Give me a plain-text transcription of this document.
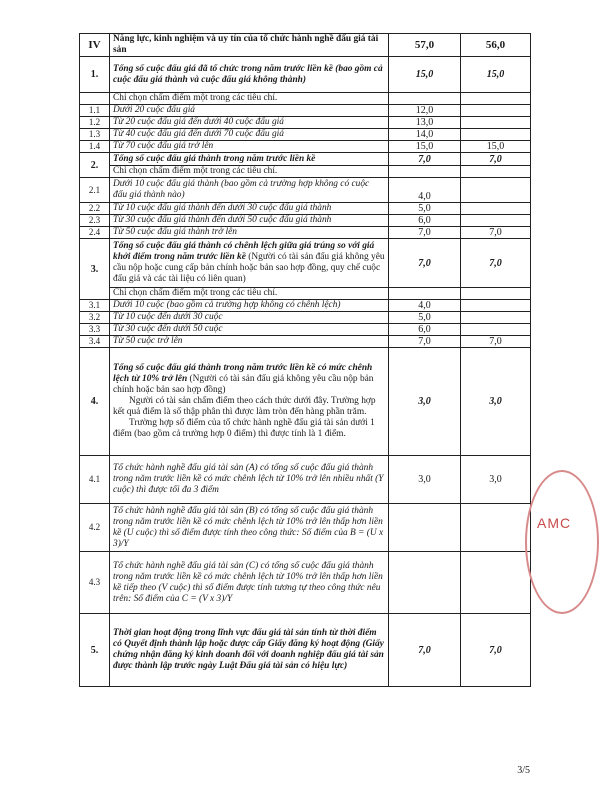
IV	Năng lực, kinh nghiệm và uy tín của tổ chức hành nghề đấu giá tài sản	57,0	56,0
1.	Tổng số cuộc đấu giá đã tổ chức trong năm trước liền kề (bao gồm cả cuộc đấu giá thành và cuộc đấu giá không thành)	15,0	15,0
	Chỉ chọn chấm điểm một trong các tiêu chí.		
1.1	Dưới 20 cuộc đấu giá	12,0	
1.2	Từ 20 cuộc đấu giá đến dưới 40 cuộc đấu giá	13,0	
1.3	Từ 40 cuộc đấu giá đến dưới 70 cuộc đấu giá	14,0	
1.4	Từ 70 cuộc đấu giá trở lên	15,0	15,0
2.	Tổng số cuộc đấu giá thành trong năm trước liền kề	7,0	7,0
	Chỉ chọn chấm điểm một trong các tiêu chí.		
2.1	Dưới 10 cuộc đấu giá thành (bao gồm cả trường hợp không có cuộc đấu giá thành nào)	4,0	
2.2	Từ 10 cuộc đấu giá thành đến dưới 30 cuộc đấu giá thành	5,0	
2.3	Từ 30 cuộc đấu giá thành đến dưới 50 cuộc đấu giá thành	6,0	
2.4	Từ 50 cuộc đấu giá thành trở lên	7,0	7,0
3.	Tổng số cuộc đấu giá thành có chênh lệch giữa giá trúng so với giá khởi điểm trong năm trước liền kề (Người có tài sản đấu giá không yêu cầu nộp hoặc cung cấp bản chính hoặc bản sao hợp đồng, quy chế cuộc đấu giá và các tài liệu có liên quan)	7,0	7,0
	Chỉ chọn chấm điểm một trong các tiêu chí.		
3.1	Dưới 10 cuộc (bao gồm cả trường hợp không có chênh lệch)	4,0	
3.2	Từ 10 cuộc đến dưới 30 cuộc	5,0	
3.3	Từ 30 cuộc đến dưới 50 cuộc	6,0	
3.4	Từ 50 cuộc trở lên	7,0	7,0
4.	Tổng số cuộc đấu giá thành trong năm trước liền kề có mức chênh lệch từ 10% trở lên (Người có tài sản đấu giá không yêu cầu nộp bản chính hoặc bản sao hợp đồng)
Người có tài sản chấm điểm theo cách thức dưới đây. Trường hợp kết quả điểm là số thập phân thì được làm tròn đến hàng phần trăm.
Trường hợp số điểm của tổ chức hành nghề đấu giá tài sản dưới 1 điểm (bao gồm cả trường hợp 0 điểm) thì được tính là 1 điểm.	3,0	3,0
4.1	Tổ chức hành nghề đấu giá tài sản (A) có tổng số cuộc đấu giá thành trong năm trước liền kề có mức chênh lệch từ 10% trở lên nhiều nhất (Y cuộc) thì được tối đa 3 điểm	3,0	3,0
4.2	Tổ chức hành nghề đấu giá tài sản (B) có tổng số cuộc đấu giá thành trong năm trước liền kề có mức chênh lệch từ 10% trở lên thấp hơn liền kề (U cuộc) thì số điểm được tính theo công thức: Số điểm của B = (U x 3)/Y		
4.3	Tổ chức hành nghề đấu giá tài sản (C) có tổng số cuộc đấu giá thành trong năm trước liền kề có mức chênh lệch từ 10% trở lên thấp hơn liền kề tiếp theo (V cuộc) thì số điểm được tính tương tự theo công thức nêu trên: Số điểm của C = (V x 3)/Y		
5.	Thời gian hoạt động trong lĩnh vực đấu giá tài sản tính từ thời điểm có Quyết định thành lập hoặc được cấp Giấy đăng ký hoạt động (Giấy chứng nhận đăng ký kinh doanh đối với doanh nghiệp đấu giá tài sản được thành lập trước ngày Luật Đấu giá tài sản có hiệu lực)	7,0	7,0
AMC
3/5
